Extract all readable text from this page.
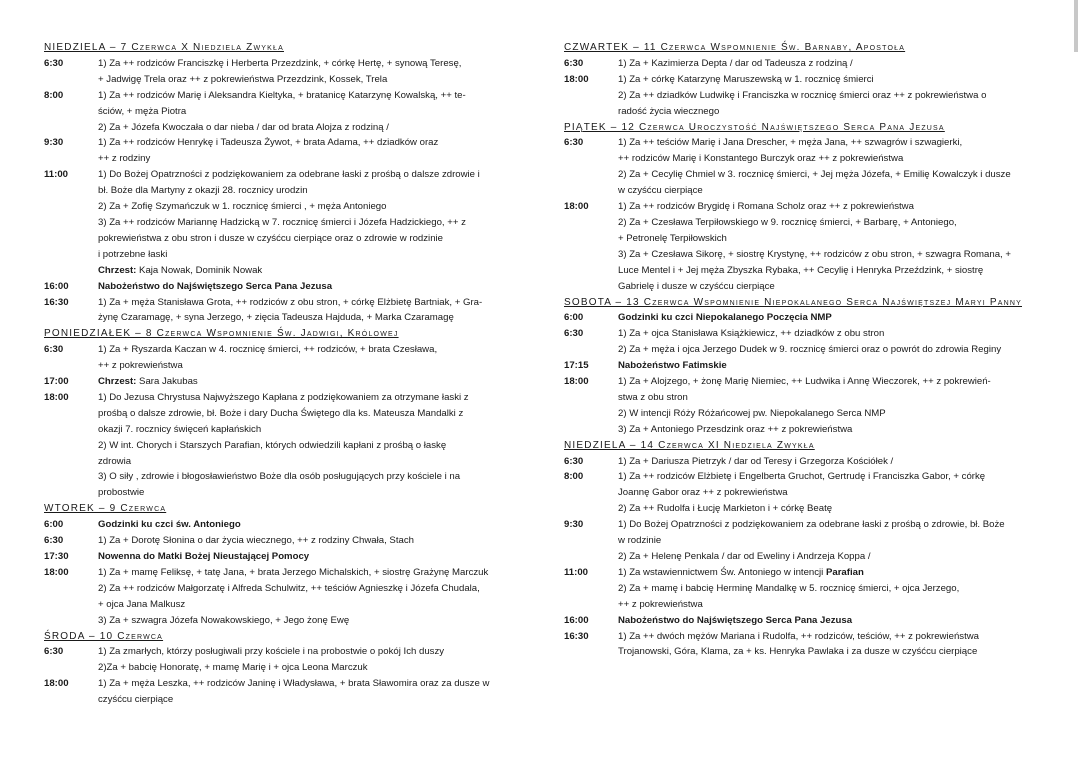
NIEDZIELA – 7 Czerwca X Niedziela Zwykła
6:30	1) Za ++ rodziców Franciszkę i Herberta Przezdzink, + córkę Hertę, + synową Teresę,
+ Jadwigę Trela oraz ++ z pokrewieństwa Przezdzink, Kossek, Trela
8:00	1) Za ++ rodziców Marię i Aleksandra Kieltyka, + bratanicę Katarzynę Kowalską, ++ te-
ściów, + męża Piotra
2) Za + Józefa Kwoczała o dar nieba / dar od brata Alojza z rodziną /
9:30	1) Za ++ rodziców Henrykę i Tadeusza Żywot, + brata Adama, ++ dziadków oraz
++ z rodziny
11:00	1) Do Bożej Opatrzności z podziękowaniem za odebrane łaski z prośbą o dalsze zdrowie i
bł. Boże dla Martyny z okazji 28. rocznicy urodzin
2) Za + Zofię Szymańczuk w 1. rocznicę śmierci , + męża Antoniego
3) Za ++ rodziców Mariannę Hadzicką w 7. rocznicę śmierci i Józefa Hadzickiego, ++ z
pokrewieństwa z obu stron i dusze w czyśćcu cierpiące oraz o zdrowie w rodzinie
i potrzebne łaski
Chrzest: Kaja Nowak, Dominik Nowak
16:00	Nabożeństwo do Najświętszego Serca Pana Jezusa
16:30	1) Za + męża Stanisława Grota, ++ rodziców z obu stron, + córkę Elżbietę Bartniak, + Gra-
żynę Czaramagę, + syna Jerzego, + zięcia Tadeusza Hajduda, + Marka Czaramagę
PONIEDZIAŁEK – 8 Czerwca Wspomnienie Św. Jadwigi, Królowej
6:30	1) Za + Ryszarda Kaczan w 4. rocznicę śmierci, ++ rodziców, + brata Czesława,
++ z pokrewieństwa
17:00	Chrzest: Sara Jakubas
18:00	1) Do Jezusa Chrystusa Najwyższego Kapłana z podziękowaniem za otrzymane łaski z
prośbą o dalsze zdrowie, bł. Boże i dary Ducha Świętego dla ks. Mateusza Mandalki z
okazji 7. rocznicy święceń kapłańskich
2) W int. Chorych i Starszych Parafian, których odwiedzili kapłani z prośbą o łaskę
zdrowia
3) O siły , zdrowie i błogosławieństwo Boże dla osób posługujących przy kościele i na
probostwie
WTOREK – 9 Czerwca
6:00	Godzinki ku czci św. Antoniego
6:30	1) Za + Dorotę Słonina o dar życia wiecznego, ++ z rodziny Chwała, Stach
17:30	Nowenna do Matki Bożej Nieustającej Pomocy
18:00	1) Za + mamę Feliksę, + tatę Jana, + brata Jerzego Michalskich, + siostrę Grażynę Marczuk
2) Za ++ rodziców Małgorzatę i Alfreda Schulwitz, ++ teściów Agnieszkę i Józefa Chudala,
+ ojca Jana Malkusz
3) Za + szwagra Józefa Nowakowskiego, + Jego żonę Ewę
ŚRODA – 10 Czerwca
6:30	1) Za zmarłych, którzy posługiwali przy kościele i na probostwie o pokój Ich duszy
2)Za + babcię Honoratę, + mamę Marię i + ojca Leona Marczuk
18:00	1) Za + męża Leszka, ++ rodziców Janinę i Władysława, + brata Sławomira oraz za dusze w
czyśćcu cierpiące
CZWARTEK – 11 Czerwca Wspomnienie Św. Barnaby, Apostoła
6:30	1) Za + Kazimierza Depta / dar od Tadeusza z rodziną /
18:00	1) Za + córkę Katarzynę Maruszewską w 1. rocznicę śmierci
2) Za ++ dziadków Ludwikę i Franciszka w rocznicę śmierci oraz ++ z pokrewieństwa o
radość życia wiecznego
PIĄTEK – 12 Czerwca Uroczystość Najświętszego Serca Pana Jezusa
6:30	1) Za ++ teściów Marię i Jana Drescher, + męża Jana, ++ szwagrów i szwagierki,
++ rodziców Marię i Konstantego Burczyk oraz ++ z pokrewieństwa
2) Za + Cecylię Chmiel w 3. rocznicę śmierci, + Jej męża Józefa, + Emilię Kowalczyk i dusze
w czyśćcu cierpiące
18:00	1) Za ++ rodziców Brygidę i Romana Scholz oraz ++ z pokrewieństwa
2) Za + Czesława Terpiłowskiego w 9. rocznicę śmierci, + Barbarę, + Antoniego,
+ Petronelę Terpiłowskich
3) Za + Czesława Sikorę, + siostrę Krystynę, ++ rodziców z obu stron, + szwagra Romana, +
Luce Mentel i + Jej męża Zbyszka Rybaka, ++ Cecylię i Henryka Przeździnk, + siostrę
Gabrielę i dusze w czyśćcu cierpiące
SOBOTA – 13 Czerwca Wspomnienie Niepokalanego Serca Najświętszej Maryi Panny
6:00	Godzinki ku czci Niepokalanego Poczęcia NMP
6:30	1) Za + ojca Stanisława Książkiewicz, ++ dziadków z obu stron
2) Za + męża i ojca Jerzego Dudek w 9. rocznicę śmierci oraz o powrót do zdrowia Reginy
17:15	Nabożeństwo Fatimskie
18:00	1) Za + Alojzego, + żonę Marię Niemiec, ++ Ludwika i Annę Wieczorek, ++ z pokrewień-
stwa z obu stron
2) W intencji Róży Różańcowej pw. Niepokalanego Serca NMP
3) Za + Antoniego Przesdzink oraz ++ z pokrewieństwa
NIEDZIELA – 14 Czerwca XI Niedziela Zwykła
6:30	1) Za + Dariusza Pietrzyk / dar od Teresy i Grzegorza Kościółek /
8:00	1) Za ++ rodziców Elżbietę i Engelberta Gruchot, Gertrudę i Franciszka Gabor, + córkę
Joannę Gabor oraz ++ z pokrewieństwa
2) Za ++ Rudolfa i Łucję Markieton i + córkę Beatę
9:30	1) Do Bożej Opatrzności z podziękowaniem za odebrane łaski z prośbą o zdrowie, bł. Boże
w rodzinie
2) Za + Helenę Penkala / dar od Eweliny i Andrzeja Koppa /
11:00	1) Za wstawiennictwem Św. Antoniego w intencji Parafian
2) Za + mamę i babcię Herminę Mandalkę w 5. rocznicę śmierci, + ojca Jerzego,
++ z pokrewieństwa
16:00	Nabożeństwo do Najświętszego Serca Pana Jezusa
16:30	1) Za ++ dwóch mężów Mariana i Rudolfa, ++ rodziców, teściów, ++ z pokrewieństwa
Trojanowski, Góra, Klama, za + ks. Henryka Pawlaka i za dusze w czyśćcu cierpiące
